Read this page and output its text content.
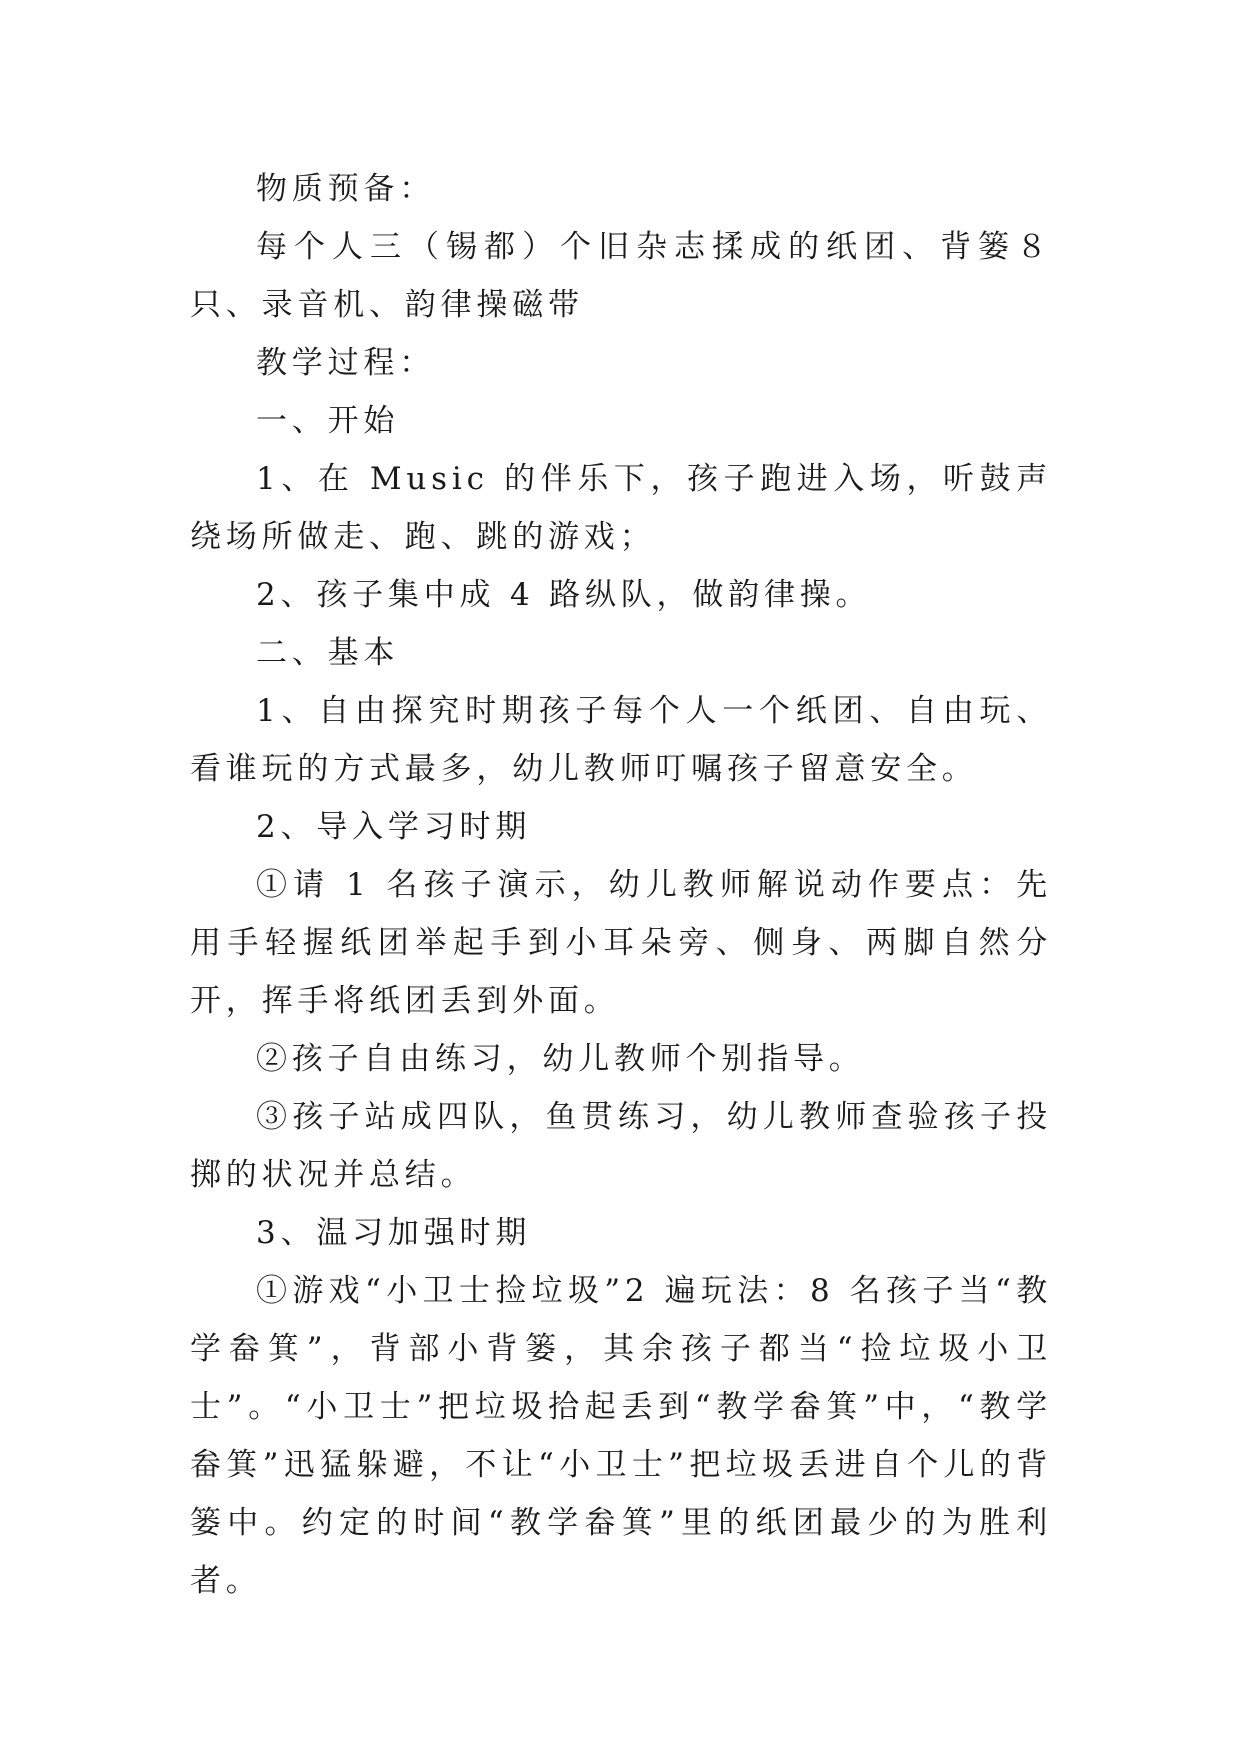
物质预备：

每个人三（锡都）个旧杂志揉成的纸团、背篓８只、录音机、韵律操磁带

教学过程：

一、开始

1、在 Music 的伴乐下，孩子跑进入场，听鼓声绕场所做走、跑、跳的游戏；

2、孩子集中成 4 路纵队，做韵律操。

二、基本

1、自由探究时期孩子每个人一个纸团、自由玩、看谁玩的方式最多，幼儿教师叮嘱孩子留意安全。

2、导入学习时期

①请 1 名孩子演示，幼儿教师解说动作要点：先用手轻握纸团举起手到小耳朵旁、侧身、两脚自然分开，挥手将纸团丢到外面。

②孩子自由练习，幼儿教师个别指导。

③孩子站成四队，鱼贯练习，幼儿教师查验孩子投掷的状况并总结。

3、温习加强时期

①游戏“小卫士捡垃圾”2 遍玩法：8 名孩子当“教学畚箕”，背部小背篓，其余孩子都当“捡垃圾小卫士”。“小卫士”把垃圾拾起丢到“教学畚箕”中，“教学畚箕”迅猛躲避，不让“小卫士”把垃圾丢进自个儿的背篓中。约定的时间“教学畚箕”里的纸团最少的为胜利者。
